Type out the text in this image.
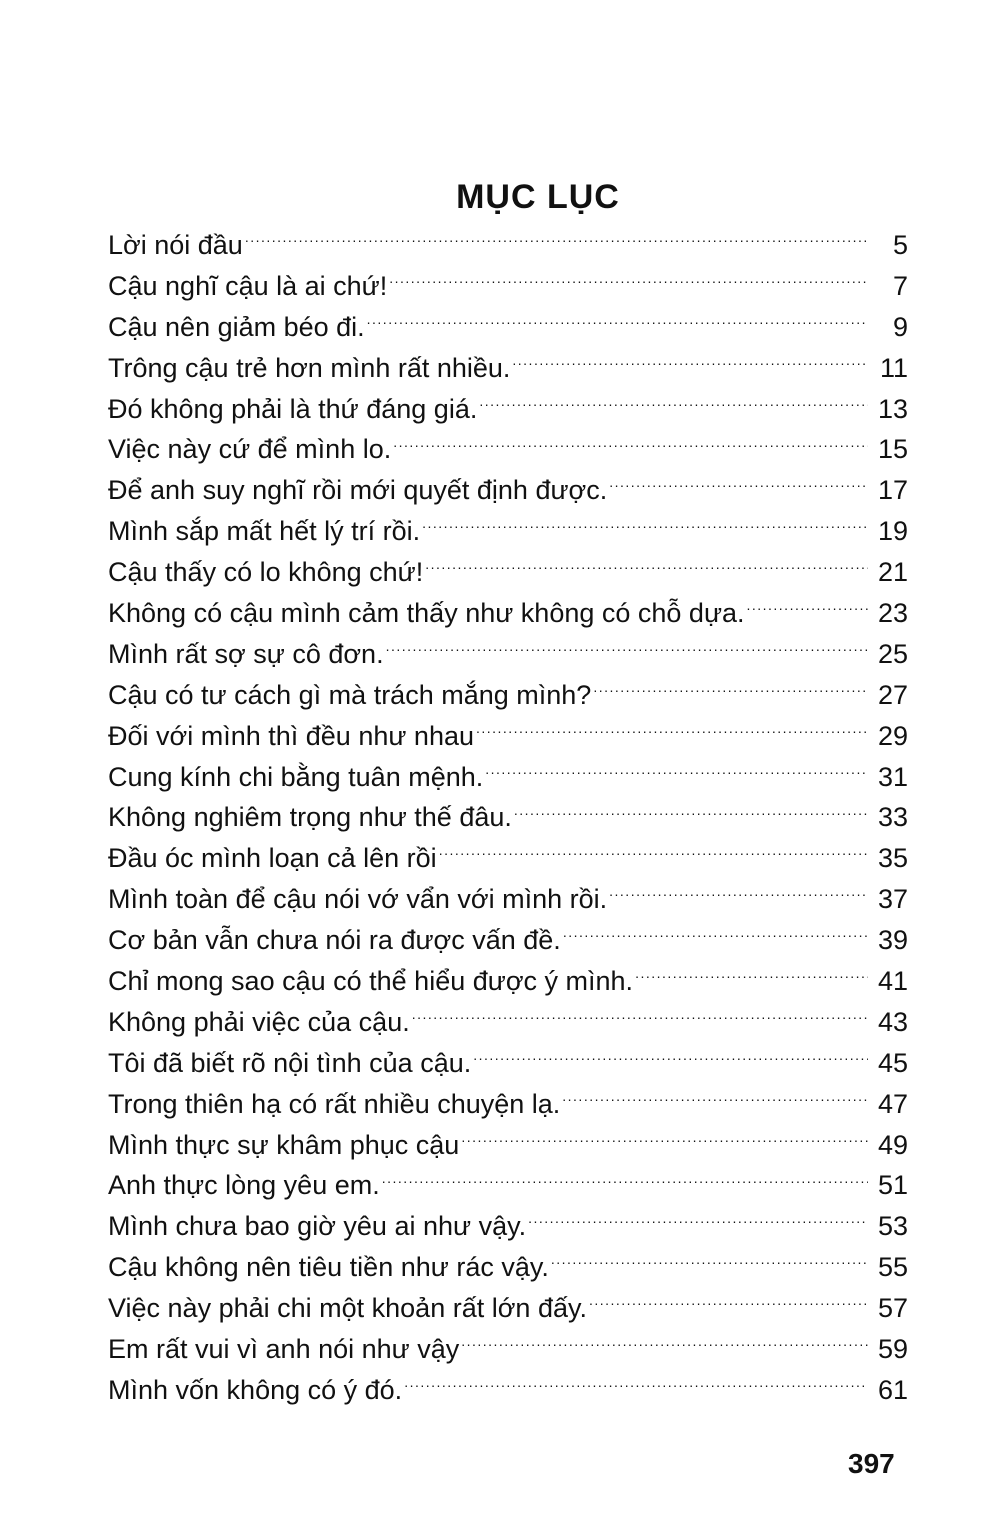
MỤC LỤC
Lời nói đầu . . .	5
Cậu nghĩ cậu là ai chứ! . . .	7
Cậu nên giảm béo đi. . . .	9
Trông cậu trẻ hơn mình rất nhiều. . . .	11
Đó không phải là thứ đáng giá. . . .	13
Việc này cứ để mình lo. . . .	15
Để anh suy nghĩ rồi mới quyết định được. . . .	17
Mình sắp mất hết lý trí rồi. . . .	19
Cậu thấy có lo không chứ! . . .	21
Không có cậu mình cảm thấy như không có chỗ dựa. . . .	23
Mình rất sợ sự cô đơn. . . .	25
Cậu có tư cách gì mà trách mắng mình? . . .	27
Đối với mình thì đều như nhau . . .	29
Cung kính chi bằng tuân mệnh. . . .	31
Không nghiêm trọng như thế đâu. . . .	33
Đầu óc mình loạn cả lên rồi . . .	35
Mình toàn để cậu nói vớ vẩn với mình rồi. . . .	37
Cơ bản vẫn chưa nói ra được vấn đề. . . .	39
Chỉ mong sao cậu có thể hiểu được ý mình. . . .	41
Không phải việc của cậu. . . .	43
Tôi đã biết rõ nội tình của cậu. . . .	45
Trong thiên hạ có rất nhiều chuyện lạ. . . .	47
Mình thực sự khâm phục cậu . . .	49
Anh thực lòng yêu em. . . .	51
Mình chưa bao giờ yêu ai như vậy. . . .	53
Cậu không nên tiêu tiền như rác vậy. . . .	55
Việc này phải chi một khoản rất lớn đấy. . . .	57
Em rất vui vì anh nói như vậy . . .	59
Mình vốn không có ý đó. . . .	61
397
